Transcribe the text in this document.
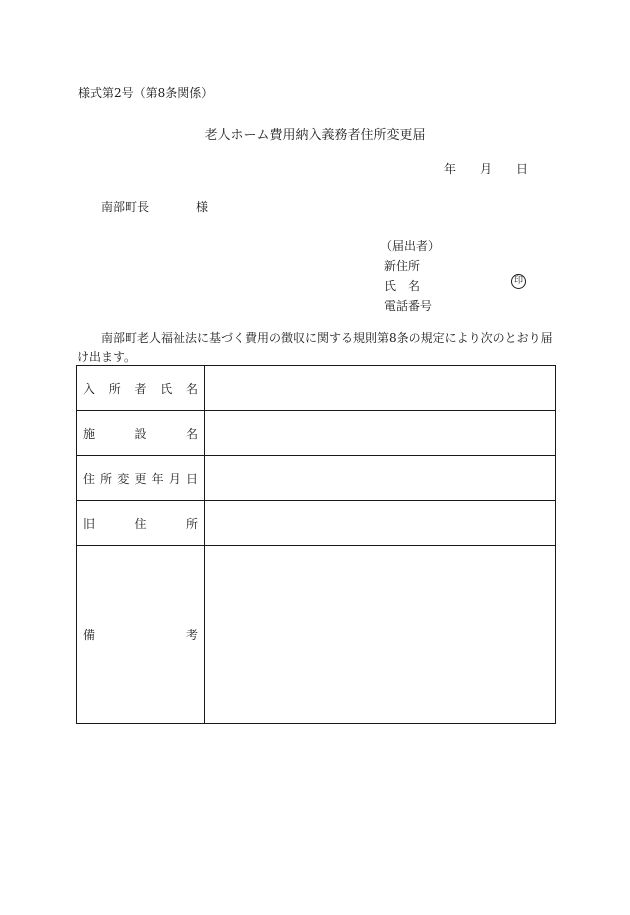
様式第2号（第8条関係）
老人ホーム費用納入義務者住所変更届
年 月 日
南部町長	様
（届出者）
新住所
氏　名
電話番号
印
南部町老人福祉法に基づく費用の徴収に関する規則第8条の規定により次のとおり届け出ます。
入所者氏名	
施設名	
住所変更年月日	
旧住所	
備考	
